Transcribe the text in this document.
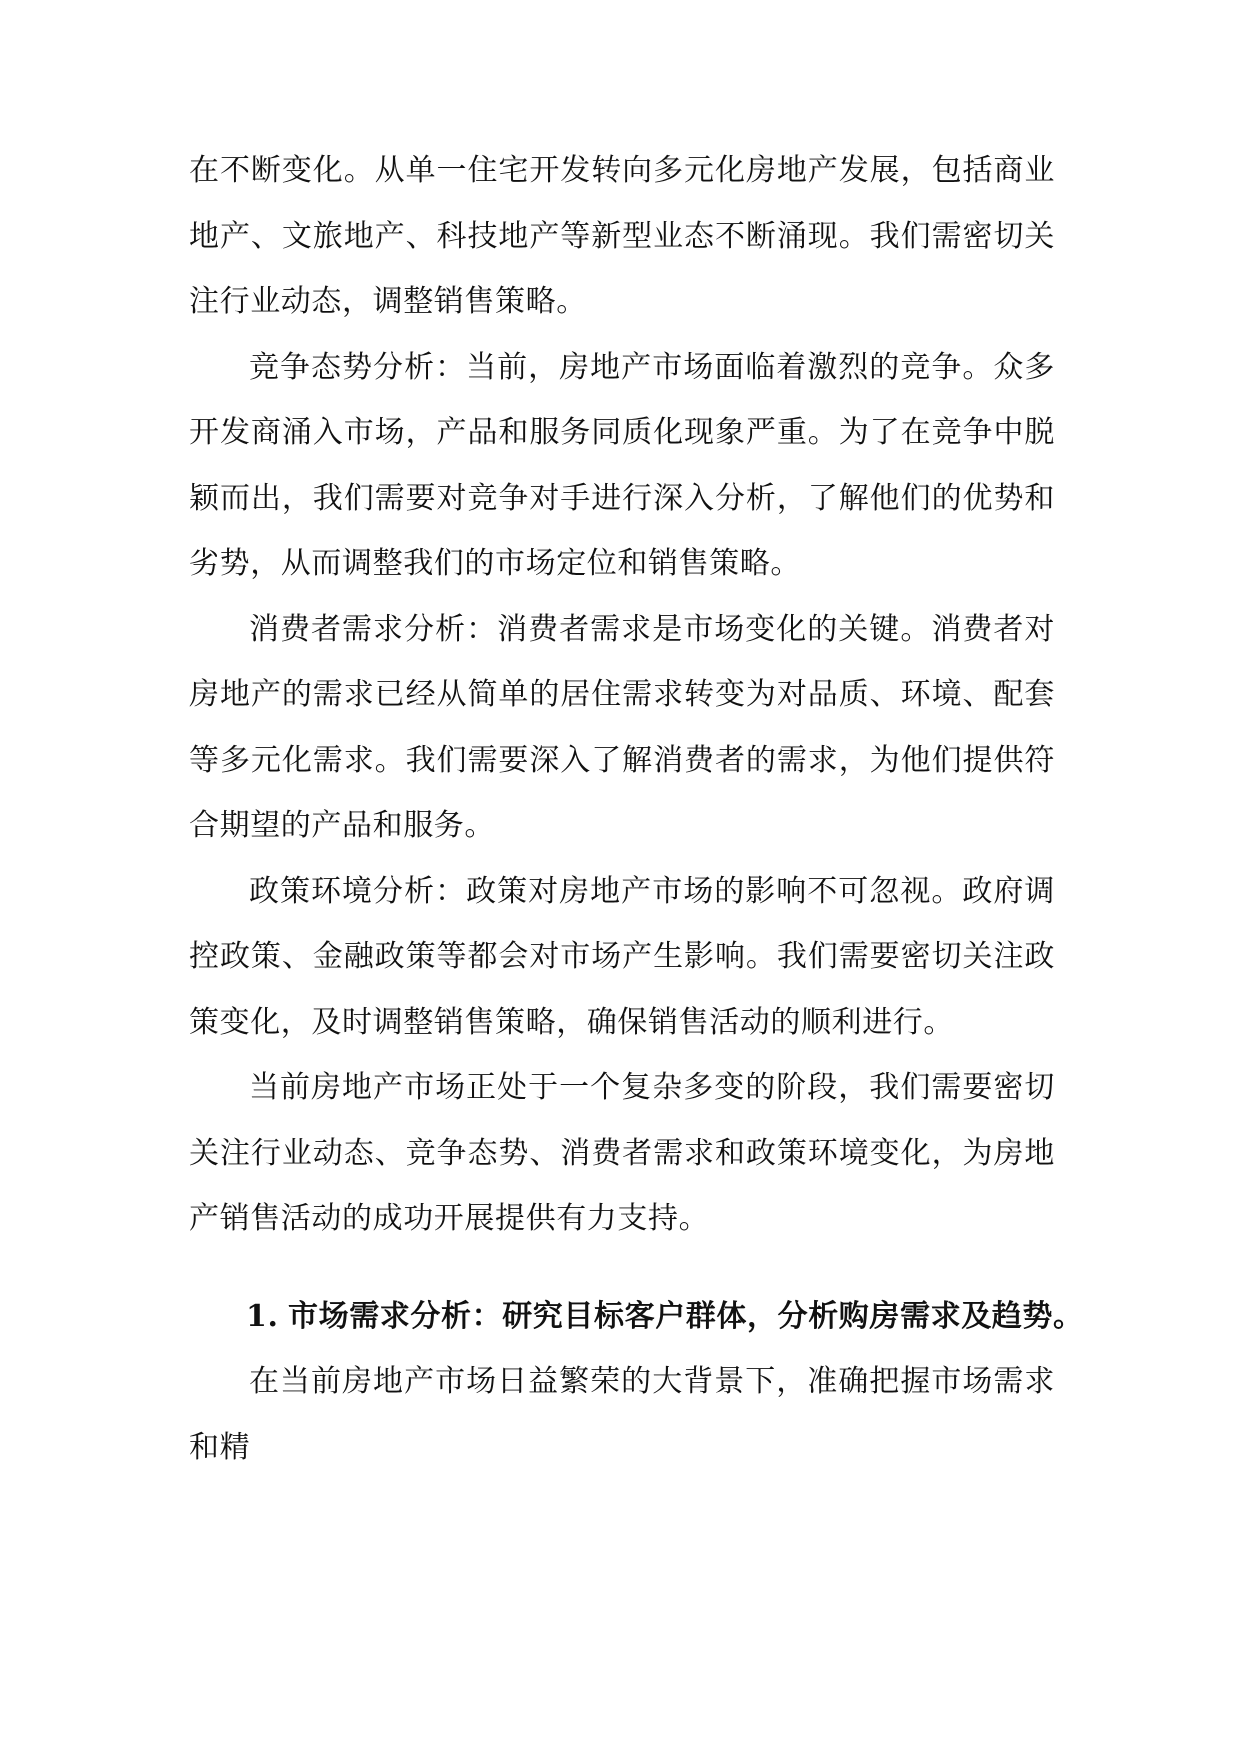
在不断变化。从单一住宅开发转向多元化房地产发展，包括商业地产、文旅地产、科技地产等新型业态不断涌现。我们需密切关注行业动态，调整销售策略。

竞争态势分析：当前，房地产市场面临着激烈的竞争。众多开发商涌入市场，产品和服务同质化现象严重。为了在竞争中脱颖而出，我们需要对竞争对手进行深入分析，了解他们的优势和劣势，从而调整我们的市场定位和销售策略。

消费者需求分析：消费者需求是市场变化的关键。消费者对房地产的需求已经从简单的居住需求转变为对品质、环境、配套等多元化需求。我们需要深入了解消费者的需求，为他们提供符合期望的产品和服务。

政策环境分析：政策对房地产市场的影响不可忽视。政府调控政策、金融政策等都会对市场产生影响。我们需要密切关注政策变化，及时调整销售策略，确保销售活动的顺利进行。

当前房地产市场正处于一个复杂多变的阶段，我们需要密切关注行业动态、竞争态势、消费者需求和政策环境变化，为房地产销售活动的成功开展提供有力支持。

1. 市场需求分析：研究目标客户群体，分析购房需求及趋势。

在当前房地产市场日益繁荣的大背景下，准确把握市场需求和精
